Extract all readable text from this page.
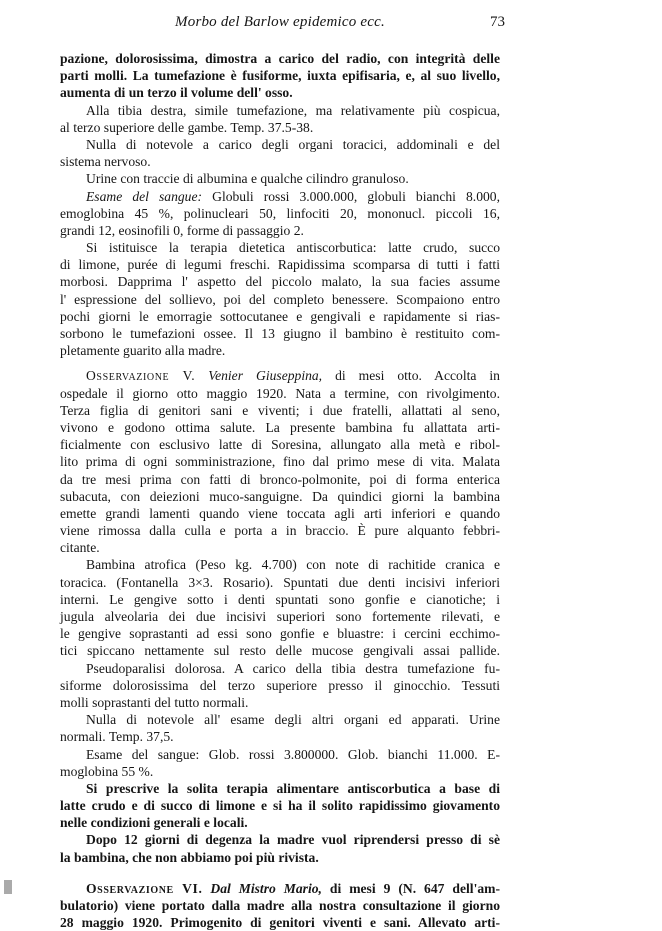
Morbo del Barlow epidemico ecc.	73
pazione, dolorosissima, dimostra a carico del radio, con integrità delle
parti molli. La tumefazione è fusiforme, iuxta epifisaria, e, al suo livello,
aumenta di un terzo il volume dell' osso.
Alla tibia destra, simile tumefazione, ma relativamente più cospicua,
al terzo superiore delle gambe. Temp. 37.5-38.
Nulla di notevole a carico degli organi toracici, addominali e del
sistema nervoso.
Urine con traccie di albumina e qualche cilindro granuloso.
Esame del sangue: Globuli rossi 3.000.000, globuli bianchi 8.000,
emoglobina 45 %, polinucleari 50, linfociti 20, mononucl. piccoli 16,
grandi 12, eosinofili 0, forme di passaggio 2.
Si istituisce la terapia dietetica antiscorbutica: latte crudo, succo
di limone, purée di legumi freschi. Rapidissima scomparsa di tutti i fatti
morbosi. Dapprima l' aspetto del piccolo malato, la sua facies assume
l' espressione del sollievo, poi del completo benessere. Scompaiono entro
pochi giorni le emorragie sottocutanee e gengivali e rapidamente si rias-
sorbono le tumefazioni ossee. Il 13 giugno il bambino è restituito com-
pletamente guarito alla madre.
Osservazione V. Venier Giuseppina, di mesi otto. Accolta in
ospedale il giorno otto maggio 1920. Nata a termine, con rivolgimento.
Terza figlia di genitori sani e viventi; i due fratelli, allattati al seno,
vivono e godono ottima salute. La presente bambina fu allattata arti-
ficialmente con esclusivo latte di Soresina, allungato alla metà e ribol-
lito prima di ogni somministrazione, fino dal primo mese di vita. Malata
da tre mesi prima con fatti di bronco-polmonite, poi di forma enterica
subacuta, con deiezioni muco-sanguigne. Da quindici giorni la bambina
emette grandi lamenti quando viene toccata agli arti inferiori e quando
viene rimossa dalla culla e porta a in braccio. È pure alquanto febbri-
citante.
Bambina atrofica (Peso kg. 4.700) con note di rachitide cranica e
toracica. (Fontanella 3×3. Rosario). Spuntati due denti incisivi inferiori
interni. Le gengive sotto i denti spuntati sono gonfie e cianotiche; i
jugula alveolaria dei due incisivi superiori sono fortemente rilevati, e
le gengive soprastanti ad essi sono gonfie e bluastre: i cercini ecchimo-
tici spiccano nettamente sul resto delle mucose gengivali assai pallide.
Pseudoparalisi dolorosa. A carico della tibia destra tumefazione fu-
siforme dolorosissima del terzo superiore presso il ginocchio. Tessuti
molli soprastanti del tutto normali.
Nulla di notevole all' esame degli altri organi ed apparati. Urine
normali. Temp. 37,5.
Esame del sangue: Glob. rossi 3.800000. Glob. bianchi 11.000. E-
moglobina 55 %.
Si prescrive la solita terapia alimentare antiscorbutica a base di
latte crudo e di succo di limone e si ha il solito rapidissimo giovamento
nelle condizioni generali e locali.
Dopo 12 giorni di degenza la madre vuol riprendersi presso di sè
la bambina, che non abbiamo poi più rivista.
Osservazione VI. Dal Mistro Mario, di mesi 9 (N. 647 dell'am-
bulatorio) viene portato dalla madre alla nostra consultazione il giorno
28 maggio 1920. Primogenito di genitori viventi e sani. Allevato arti-
